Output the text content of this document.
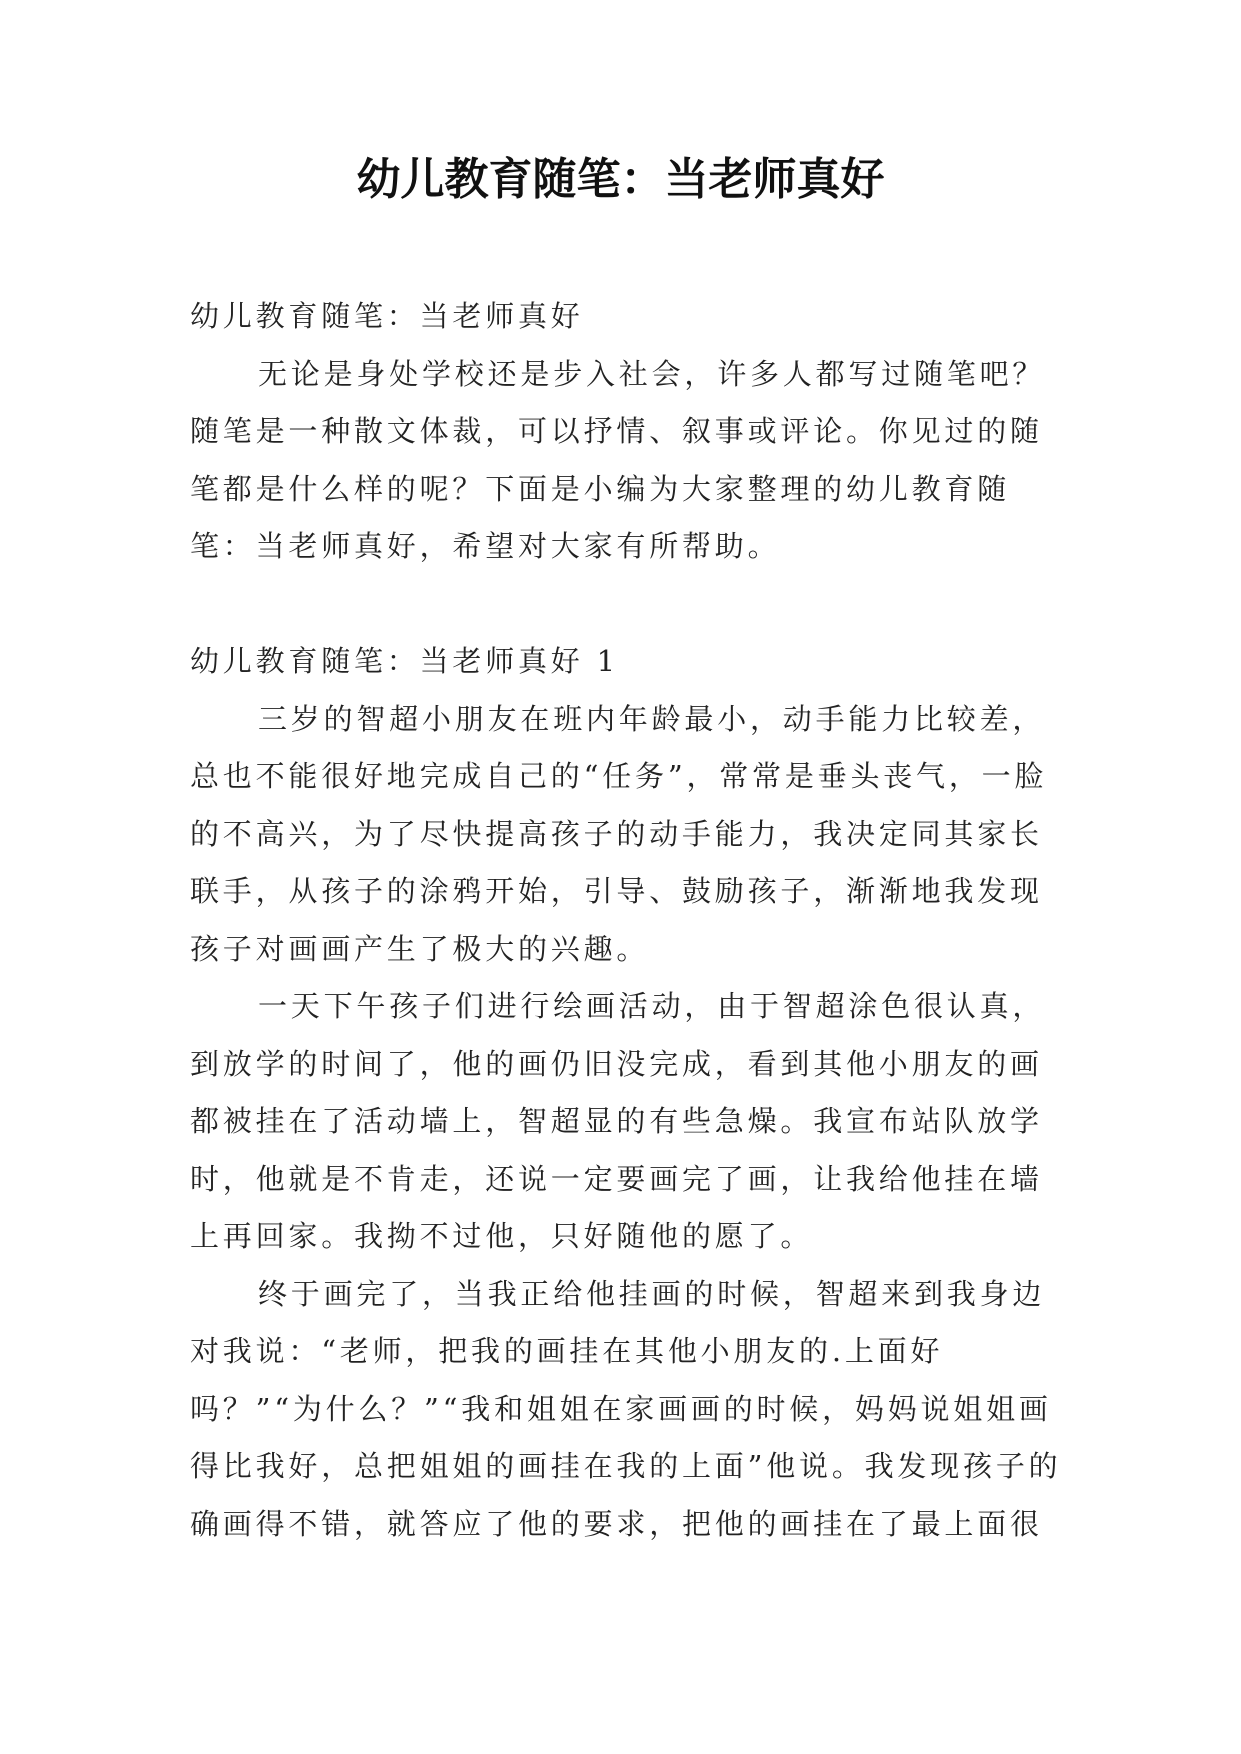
幼儿教育随笔：当老师真好

幼儿教育随笔：当老师真好

无论是身处学校还是步入社会，许多人都写过随笔吧？随笔是一种散文体裁，可以抒情、叙事或评论。你见过的随笔都是什么样的呢？下面是小编为大家整理的幼儿教育随笔：当老师真好，希望对大家有所帮助。

幼儿教育随笔：当老师真好 1

三岁的智超小朋友在班内年龄最小，动手能力比较差，总也不能很好地完成自己的“任务”，常常是垂头丧气，一脸的不高兴，为了尽快提高孩子的动手能力，我决定同其家长联手，从孩子的涂鸦开始，引导、鼓励孩子，渐渐地我发现孩子对画画产生了极大的兴趣。

一天下午孩子们进行绘画活动，由于智超涂色很认真，到放学的时间了，他的画仍旧没完成，看到其他小朋友的画都被挂在了活动墙上，智超显的有些急燥。我宣布站队放学时，他就是不肯走，还说一定要画完了画，让我给他挂在墙上再回家。我拗不过他，只好随他的愿了。

终于画完了，当我正给他挂画的时候，智超来到我身边对我说：“老师，把我的画挂在其他小朋友的.上面好吗？”“为什么？”“我和姐姐在家画画的时候，妈妈说姐姐画得比我好，总把姐姐的画挂在我的上面”他说。我发现孩子的确画得不错，就答应了他的要求，把他的画挂在了最上面很
